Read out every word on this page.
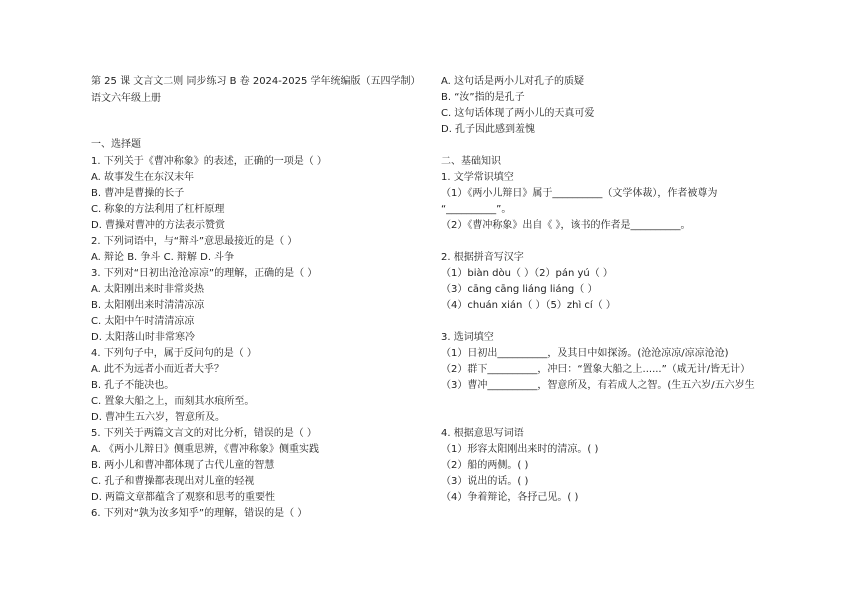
第 25 课 文言文二则 同步练习 B 卷 2024-2025 学年统编版（五四学制）
语文六年级上册
一、选择题
1. 下列关于《曹冲称象》的表述，正确的一项是（ ）
A. 故事发生在东汉末年
B. 曹冲是曹操的长子
C. 称象的方法利用了杠杆原理
D. 曹操对曹冲的方法表示赞赏
2. 下列词语中，与“辩斗”意思最接近的是（ ）
A. 辩论 B. 争斗 C. 辩解 D. 斗争
3. 下列对“日初出沧沧凉凉”的理解，正确的是（ ）
A. 太阳刚出来时非常炎热
B. 太阳刚出来时清清凉凉
C. 太阳中午时清清凉凉
D. 太阳落山时非常寒冷
4. 下列句子中，属于反问句的是（ ）
A. 此不为远者小而近者大乎？
B. 孔子不能决也。
C. 置象大船之上，而刻其水痕所至。
D. 曹冲生五六岁，智意所及。
5. 下列关于两篇文言文的对比分析，错误的是（ ）
A. 《两小儿辩日》侧重思辨，《曹冲称象》侧重实践
B. 两小儿和曹冲都体现了古代儿童的智慧
C. 孔子和曹操都表现出对儿童的轻视
D. 两篇文章都蕴含了观察和思考的重要性
6. 下列对“孰为汝多知乎”的理解，错误的是（ ）
A. 这句话是两小儿对孔子的质疑
B. “汝”指的是孔子
C. 这句话体现了两小儿的天真可爱
D. 孔子因此感到羞愧
二、基础知识
1. 文学常识填空
（1）《两小儿辩日》属于__________（文学体裁），作者被尊为
“__________”。
（2）《曹冲称象》出自《 》，该书的作者是__________。
2. 根据拼音写汉字
（1）biàn dòu（ ）（2）pán yú（ ）
（3）cāng cāng liáng liáng（ ）
（4）chuán xián（ ）（5）zhì cí（ ）
3. 选词填空
（1）日初出__________，及其日中如探汤。(沧沧凉凉/凉凉沧沧)
（2）群下__________，冲曰：“置象大船之上......”（咸无计/皆无计）
（3）曹冲__________，智意所及，有若成人之智。(生五六岁/五六岁生
4. 根据意思写词语
（1）形容太阳刚出来时的清凉。( )
（2）船的两侧。( )
（3）说出的话。( )
（4）争着辩论，各抒己见。( )
